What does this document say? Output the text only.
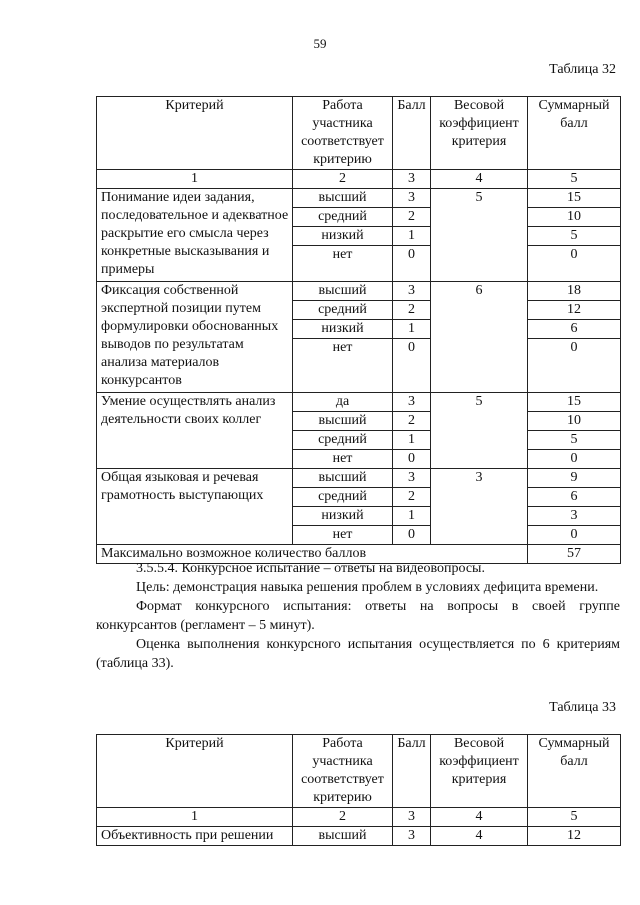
59
Таблица 32
Критерий	Работа участника соответствует критерию	Балл	Весовой коэффициент критерия	Суммарный балл
1	2	3	4	5
Понимание идеи задания, последовательное и адекватное раскрытие его смысла через конкретные высказывания и примеры	высший	3	5	15
	средний	2		10
	низкий	1		5
	нет	0		0
Фиксация собственной экспертной позиции путем формулировки обоснованных выводов по результатам анализа материалов конкурсантов	высший	3	6	18
	средний	2		12
	низкий	1		6
	нет	0		0
Умение осуществлять анализ деятельности своих коллег	да	3	5	15
	высший	2		10
	средний	1		5
	нет	0		0
Общая языковая и речевая грамотность выступающих	высший	3	3	9
	средний	2		6
	низкий	1		3
	нет	0		0
Максимально возможное количество баллов				57

3.5.5.4. Конкурсное испытание – ответы на видеовопросы.

Цель: демонстрация навыка решения проблем в условиях дефицита времени.

Формат конкурсного испытания: ответы на вопросы в своей группе конкурсантов (регламент – 5 минут).

Оценка выполнения конкурсного испытания осуществляется по 6 критериям (таблица 33).

Таблица 33
Критерий	Работа участника соответствует критерию	Балл	Весовой коэффициент критерия	Суммарный балл
1	2	3	4	5
Объективность при решении	высший	3	4	12
